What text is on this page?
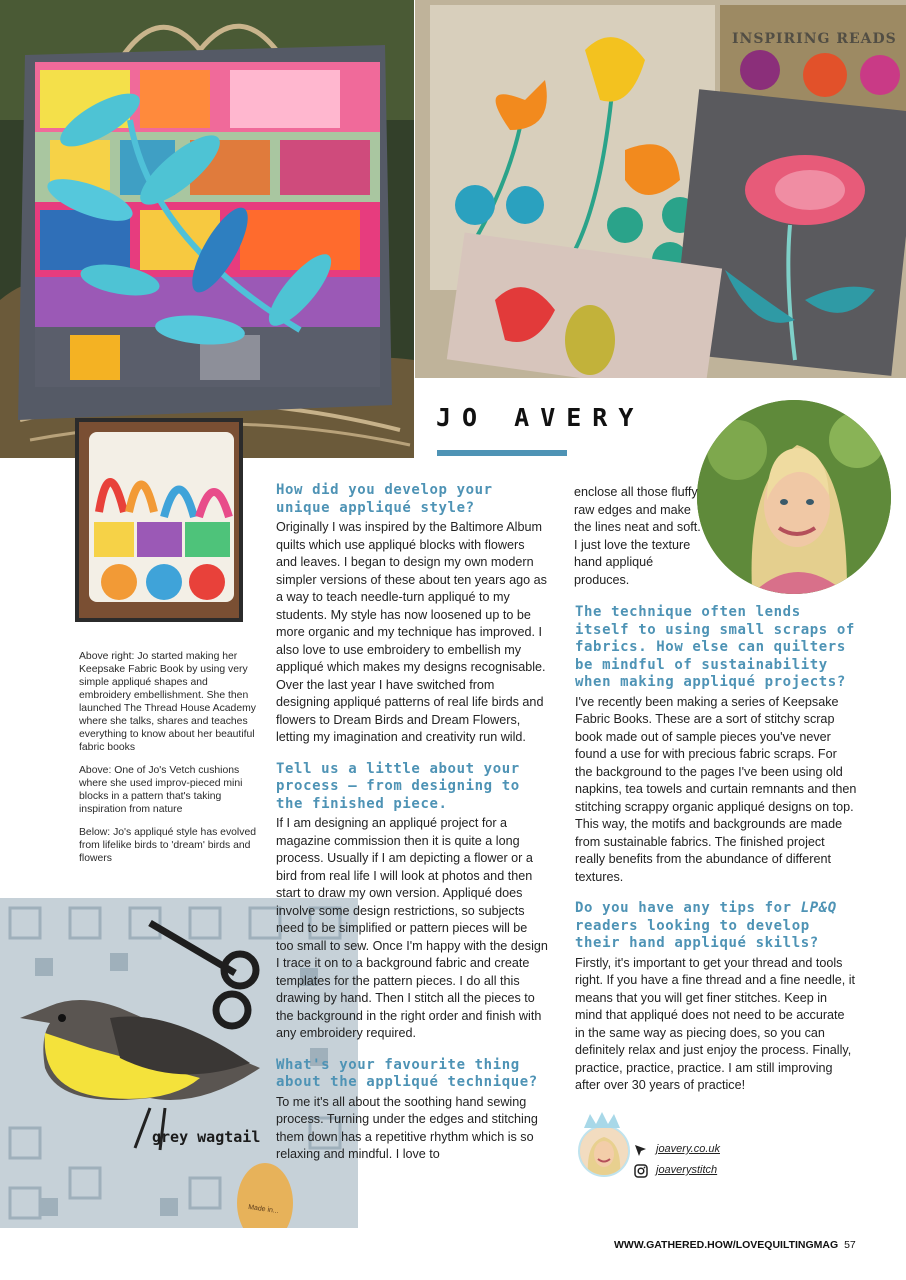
INSPIRING READS
JO AVERY

Above right: Jo started making her Keepsake Fabric Book by using very simple appliqué shapes and embroidery embellishment. She then launched The Thread House Academy where she talks, shares and teaches everything to know about her beautiful fabric books

Above: One of Jo's Vetch cushions where she used improv-pieced mini blocks in a pattern that's taking inspiration from nature

Below: Jo's appliqué style has evolved from lifelike birds to 'dream' birds and flowers

grey wagtail
Made in...
How did you develop your unique appliqué style?

Originally I was inspired by the Baltimore Album quilts which use appliqué blocks with flowers and leaves. I began to design my own modern simpler versions of these about ten years ago as a way to teach needle-turn appliqué to my students. My style has now loosened up to be more organic and my technique has improved. I also love to use embroidery to embellish my appliqué which makes my designs recognisable. Over the last year I have switched from designing appliqué patterns of real life birds and flowers to Dream Birds and Dream Flowers, letting my imagination and creativity run wild.

Tell us a little about your process – from designing to the finished piece.

If I am designing an appliqué project for a magazine commission then it is quite a long process. Usually if I am depicting a flower or a bird from real life I will look at photos and then start to draw my own version. Appliqué does involve some design restrictions, so subjects need to be simplified or pattern pieces will be too small to sew. Once I'm happy with the design I trace it on to a background fabric and create templates for the pattern pieces. I do all this drawing by hand. Then I stitch all the pieces to the background in the right order and finish with any embroidery required.

What's your favourite thing about the appliqué technique?

To me it's all about the soothing hand sewing process. Turning under the edges and stitching them down has a repetitive rhythm which is so relaxing and mindful. I love to

enclose all those fluffy raw edges and make the lines neat and soft. I just love the texture hand appliqué produces.
The technique often lends itself to using small scraps of fabrics. How else can quilters be mindful of sustainability when making appliqué projects?

I've recently been making a series of Keepsake Fabric Books. These are a sort of stitchy scrap book made out of sample pieces you've never found a use for with precious fabric scraps. For the background to the pages I've been using old napkins, tea towels and curtain remnants and then stitching scrappy organic appliqué designs on top. This way, the motifs and backgrounds are made from sustainable fabrics. The finished project really benefits from the abundance of different textures.

Do you have any tips for LP&Q readers looking to develop their hand appliqué skills?

Firstly, it's important to get your thread and tools right. If you have a fine thread and a fine needle, it means that you will get finer stitches. Keep in mind that appliqué does not need to be accurate in the same way as piecing does, so you can definitely relax and just enjoy the process. Finally, practice, practice, practice. I am still improving after over 30 years of practice!

joavery.co.uk
joaverystitch
WWW.GATHERED.HOW/LOVEQUILTINGMAG 57
